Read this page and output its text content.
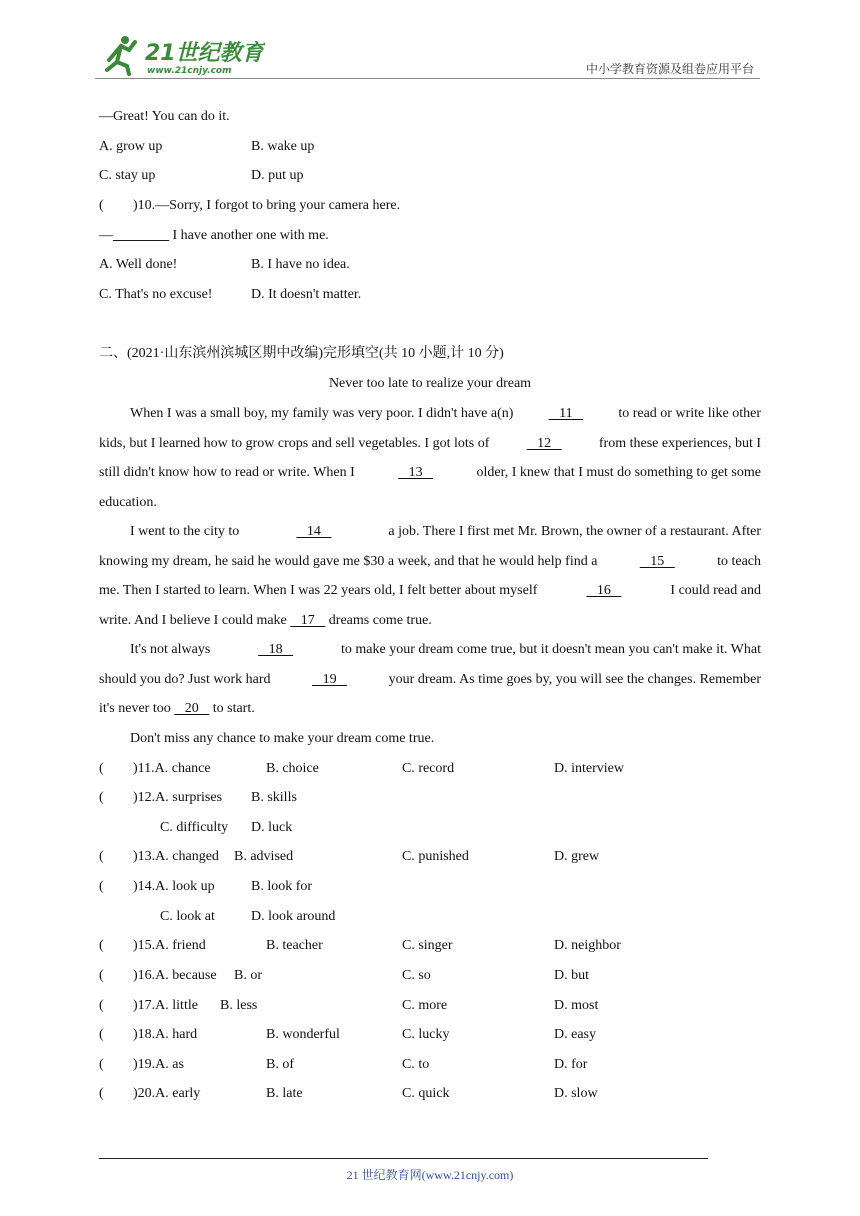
21世纪教育
www.21cnjy.com	中小学教育资源及组卷应用平台
—Great! You can do it.
A. grow up	B. wake up
C. stay up	D. put up
( )10.—Sorry, I forgot to bring your camera here.
—________ I have another one with me.
A. Well done!	B. I have no idea.
C. That's no excuse!	D. It doesn't matter.
二、(2021·山东滨州滨城区期中改编)完形填空(共 10 小题,计 10 分)
Never too late to realize your dream
When I was a small boy, my family was very poor. I didn't have a(n)	11	to read or write like other
kids, but I learned how to grow crops and sell vegetables. I got lots of	12	from these experiences, but I
still didn't know how to read or write. When I	13	older, I knew that I must do something to get some
education.
I went to the city to	14	a job. There I first met Mr. Brown, the owner of a restaurant. After
knowing my dream, he said he would gave me $30 a week, and that he would help find a	15	to teach
me. Then I started to learn. When I was 22 years old, I felt better about myself	16	I could read and
write. And I believe I could make    17    dreams come true.
It's not always	18	to make your dream come true, but it doesn't mean you can't make it. What
should you do? Just work hard	19	your dream. As time goes by, you will see the changes. Remember
it's never too    20    to start.
Don't miss any chance to make your dream come true.
( )11.A. chance	B. choice	C. record	D. interview
( )12.A. surprises B. skills
C. difficulty D. luck
( )13.A. changed B. advised	C. punished	D. grew
( )14.A. look up	B. look for
C. look at	D. look around
( )15.A. friend	B. teacher	C. singer	D. neighbor
( )16.A. because B. or	C. so	D. but
( )17.A. little B. less	C. more	D. most
( )18.A. hard	B. wonderful	C. lucky	D. easy
( )19.A. as	B. of	C. to	D. for
( )20.A. early	B. late	C. quick	D. slow
21 世纪教育网(www.21cnjy.com)
